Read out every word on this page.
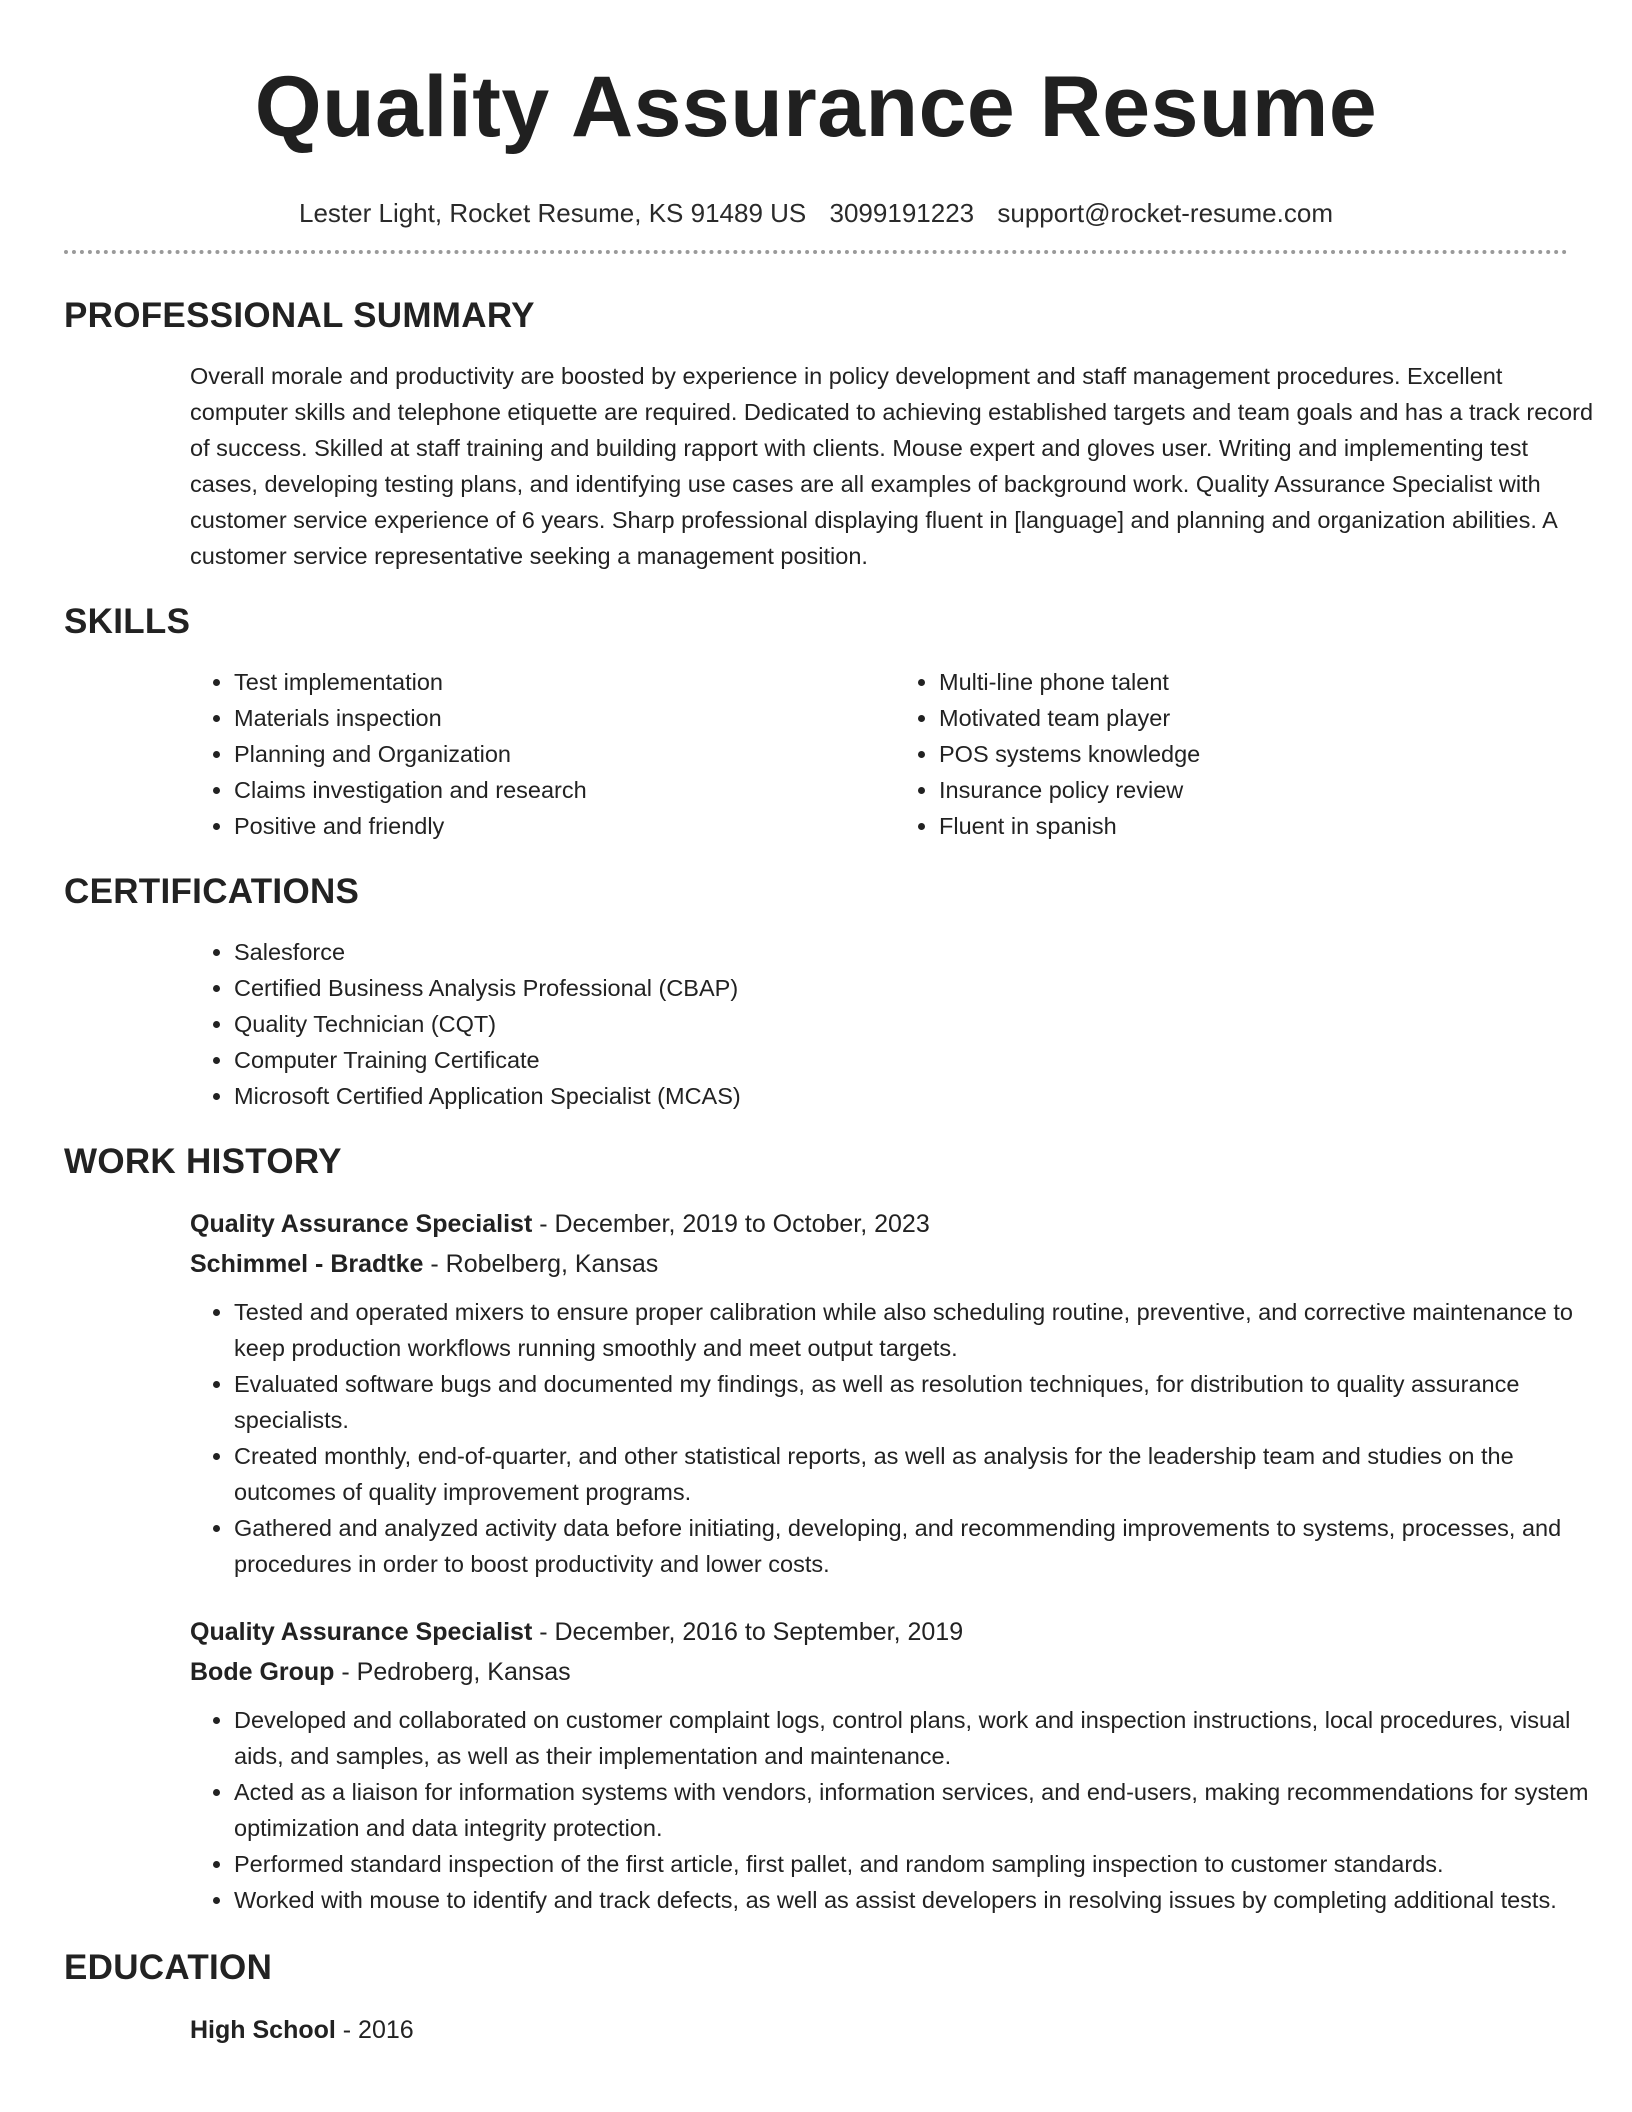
Quality Assurance Resume
Lester Light, Rocket Resume, KS 91489 US 3099191223 support@rocket-resume.com
PROFESSIONAL SUMMARY

Overall morale and productivity are boosted by experience in policy development and staff management procedures. Excellent computer skills and telephone etiquette are required. Dedicated to achieving established targets and team goals and has a track record of success. Skilled at staff training and building rapport with clients. Mouse expert and gloves user. Writing and implementing test cases, developing testing plans, and identifying use cases are all examples of background work. Quality Assurance Specialist with customer service experience of 6 years. Sharp professional displaying fluent in [language] and planning and organization abilities. A customer service representative seeking a management position.

SKILLS
• Test implementation
• Materials inspection
• Planning and Organization
• Claims investigation and research
• Positive and friendly
• Multi-line phone talent
• Motivated team player
• POS systems knowledge
• Insurance policy review
• Fluent in spanish
CERTIFICATIONS
• Salesforce
• Certified Business Analysis Professional (CBAP)
• Quality Technician (CQT)
• Computer Training Certificate
• Microsoft Certified Application Specialist (MCAS)
WORK HISTORY
Quality Assurance Specialist - December, 2019 to October, 2023
Schimmel - Bradtke - Robelberg, Kansas
• Tested and operated mixers to ensure proper calibration while also scheduling routine, preventive, and corrective maintenance to keep production workflows running smoothly and meet output targets.
• Evaluated software bugs and documented my findings, as well as resolution techniques, for distribution to quality assurance specialists.
• Created monthly, end-of-quarter, and other statistical reports, as well as analysis for the leadership team and studies on the outcomes of quality improvement programs.
• Gathered and analyzed activity data before initiating, developing, and recommending improvements to systems, processes, and procedures in order to boost productivity and lower costs.
Quality Assurance Specialist - December, 2016 to September, 2019
Bode Group - Pedroberg, Kansas
• Developed and collaborated on customer complaint logs, control plans, work and inspection instructions, local procedures, visual aids, and samples, as well as their implementation and maintenance.
• Acted as a liaison for information systems with vendors, information services, and end-users, making recommendations for system optimization and data integrity protection.
• Performed standard inspection of the first article, first pallet, and random sampling inspection to customer standards.
• Worked with mouse to identify and track defects, as well as assist developers in resolving issues by completing additional tests.
EDUCATION
High School - 2016
